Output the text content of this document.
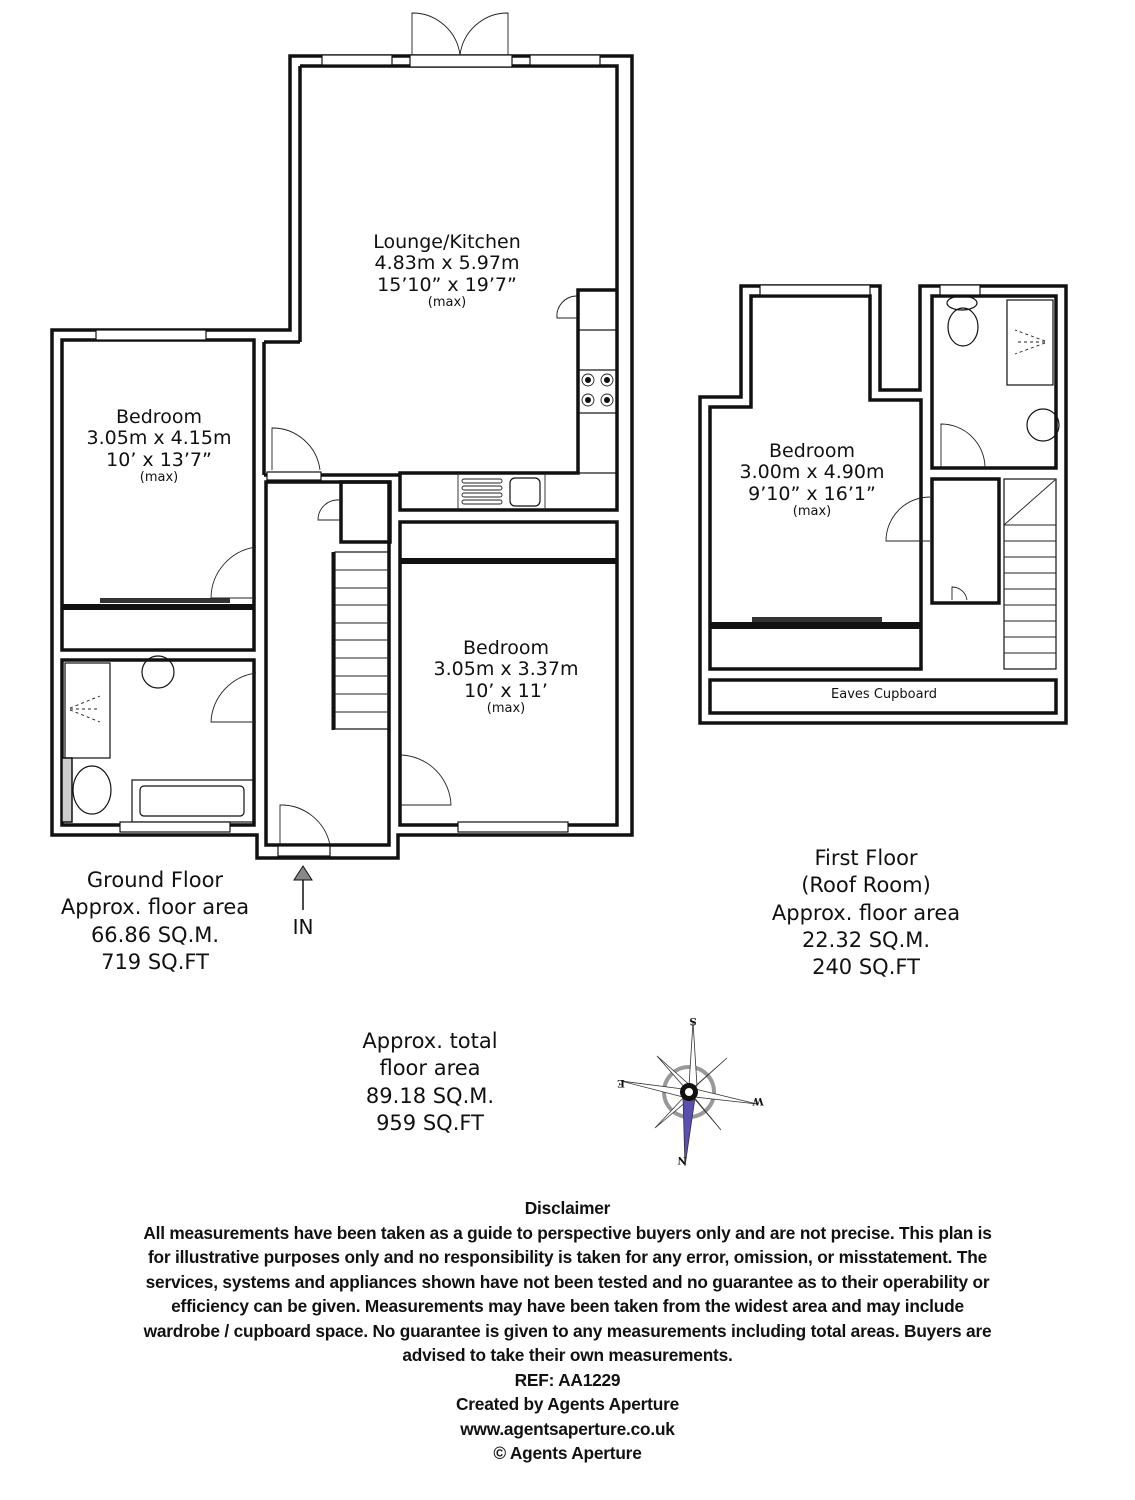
S
E
W
N
Lounge/Kitchen
4.83m x 5.97m
15’10” x 19’7”
(max)
Bedroom
3.05m x 4.15m
10’ x 13’7”
(max)
Bedroom
3.05m x 3.37m
10’ x 11’
(max)
Bedroom
3.00m x 4.90m
9’10” x 16’1”
(max)
Eaves Cupboard
IN
Ground Floor
Approx. floor area
66.86 SQ.M.
719 SQ.FT
First Floor
(Roof Room)
Approx. floor area
22.32 SQ.M.
240 SQ.FT
Approx. total
floor area
89.18 SQ.M.
959 SQ.FT
Disclaimer
All measurements have been taken as a guide to perspective buyers only and are not precise. This plan is
for illustrative purposes only and no responsibility is taken for any error, omission, or misstatement. The
services, systems and appliances shown have not been tested and no guarantee as to their operability or
efficiency can be given. Measurements may have been taken from the widest area and may include
wardrobe / cupboard space. No guarantee is given to any measurements including total areas. Buyers are
advised to take their own measurements.
REF: AA1229
Created by Agents Aperture
www.agentsaperture.co.uk
© Agents Aperture
